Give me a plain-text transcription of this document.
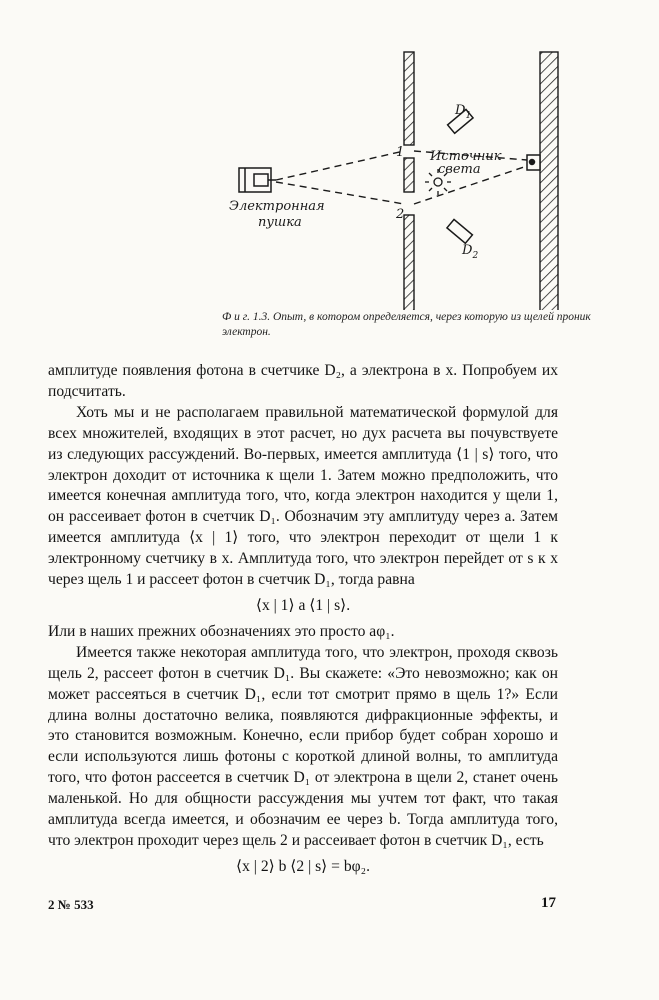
Электронная
пушка
1
2
Источник
света
$D_1$
$D_2$
Ф и г. 1.3. Опыт, в котором определяется, через которую из щелей проник электрон.

амплитуде появления фотона в счетчике D₂, а электрона в x. Попробуем их подсчитать.

Хоть мы и не располагаем правильной математической формулой для всех множителей, входящих в этот расчет, но дух расчета вы почувствуете из следующих рассуждений. Во-первых, имеется амплитуда ⟨1 | s⟩ того, что электрон доходит от источника к щели 1. Затем можно предположить, что имеется конечная амплитуда того, что, когда электрон находится у щели 1, он рассеивает фотон в счетчик D₁. Обозначим эту амплитуду через a. Затем имеется амплитуда ⟨x | 1⟩ того, что электрон переходит от щели 1 к электронному счетчику в x. Амплитуда того, что электрон перейдет от s к x через щель 1 и рассеет фотон в счетчик D₁, тогда равна

⟨x | 1⟩ a ⟨1 | s⟩.

Или в наших прежних обозначениях это просто aφ₁.

Имеется также некоторая амплитуда того, что электрон, проходя сквозь щель 2, рассеет фотон в счетчик D₁. Вы скажете: «Это невозможно; как он может рассеяться в счетчик D₁, если тот смотрит прямо в щель 1?» Если длина волны достаточно велика, появляются дифракционные эффекты, и это становится возможным. Конечно, если прибор будет собран хорошо и если используются лишь фотоны с короткой длиной волны, то амплитуда того, что фотон рассеется в счетчик D₁ от электрона в щели 2, станет очень маленькой. Но для общности рассуждения мы учтем тот факт, что такая амплитуда всегда имеется, и обозначим ее через b. Тогда амплитуда того, что электрон проходит через щель 2 и рассеивает фотон в счетчик D₁, есть

⟨x | 2⟩ b ⟨2 | s⟩ = bφ₂.
2 № 533	17
